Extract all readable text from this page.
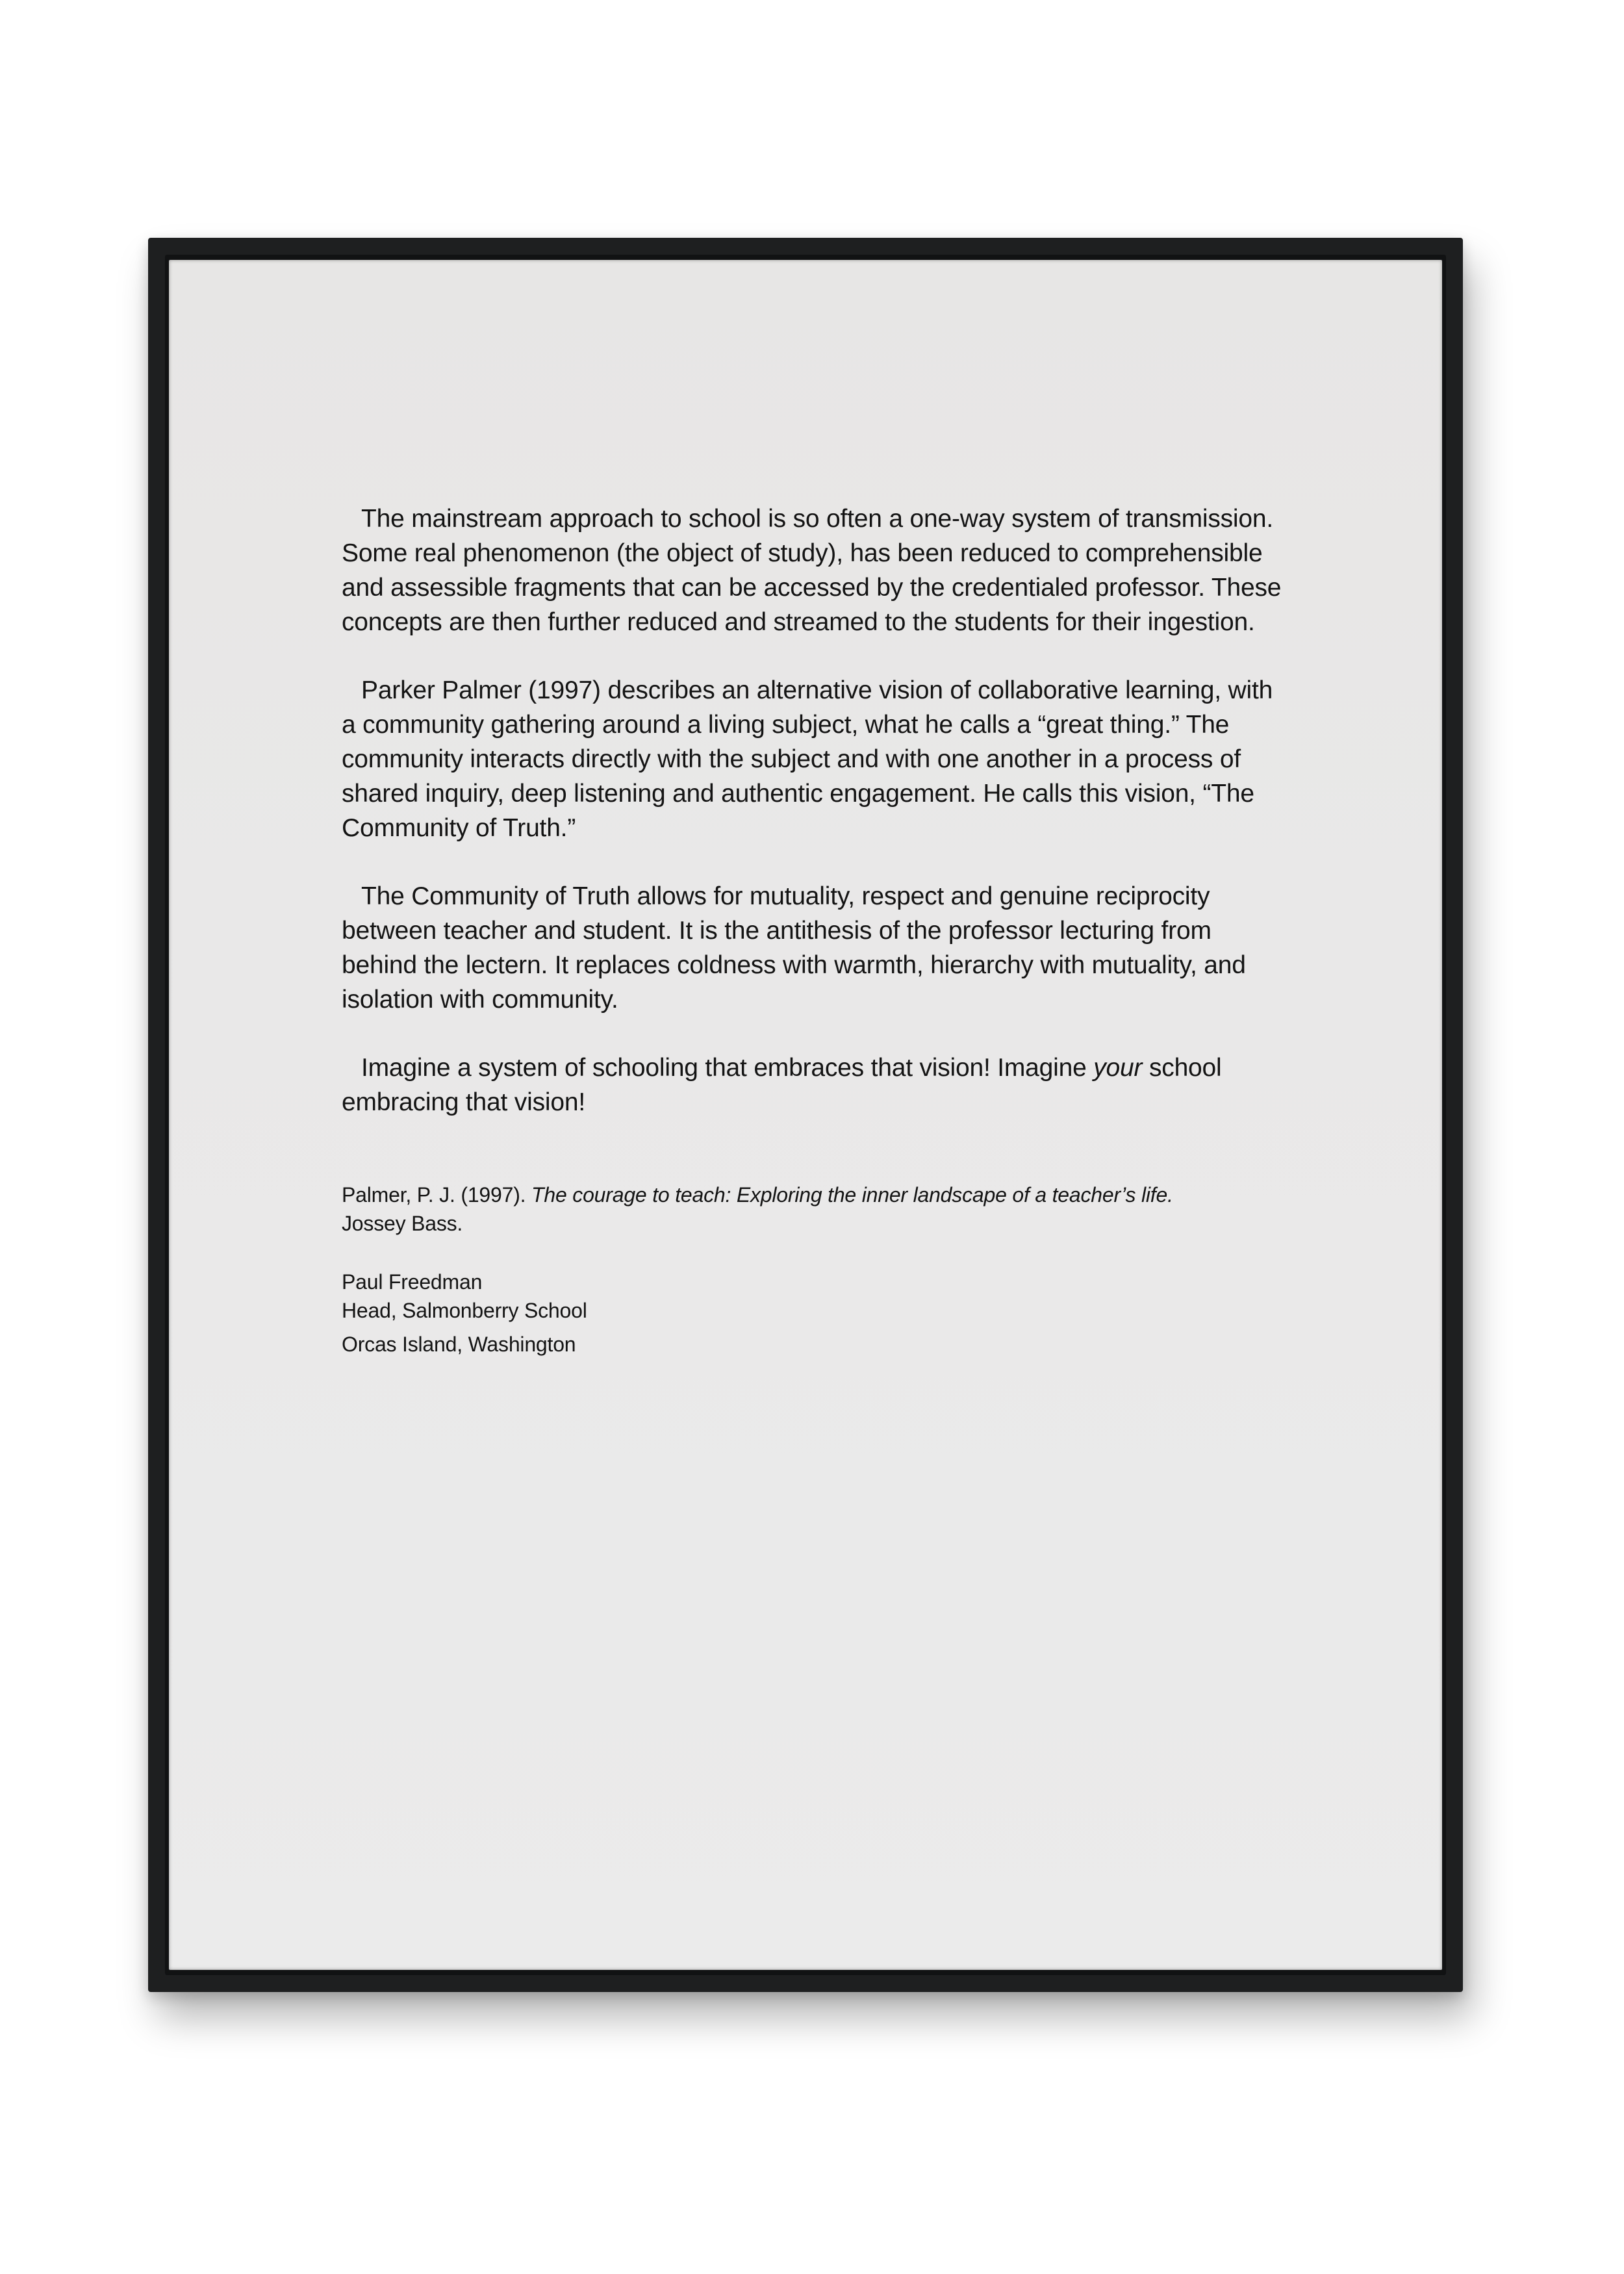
The mainstream approach to school is so often a one-way system of transmission. Some real phenomenon (the object of study), has been reduced to comprehensible and assessible fragments that can be accessed by the credentialed professor. These concepts are then further reduced and streamed to the students for their ingestion.

Parker Palmer (1997) describes an alternative vision of collaborative learning, with a community gathering around a living subject, what he calls a “great thing.” The community interacts directly with the subject and with one another in a process of shared inquiry, deep listening and authentic engagement. He calls this vision, “The Community of Truth.”

The Community of Truth allows for mutuality, respect and genuine reciprocity between teacher and student. It is the antithesis of the professor lecturing from behind the lectern. It replaces coldness with warmth, hierarchy with mutuality, and isolation with community.

Imagine a system of schooling that embraces that vision! Imagine your school embracing that vision!

Palmer, P. J. (1997). The courage to teach: Exploring the inner landscape of a teacher’s life.
Jossey Bass.

Paul Freedman
Head, Salmonberry School
Orcas Island, Washington
